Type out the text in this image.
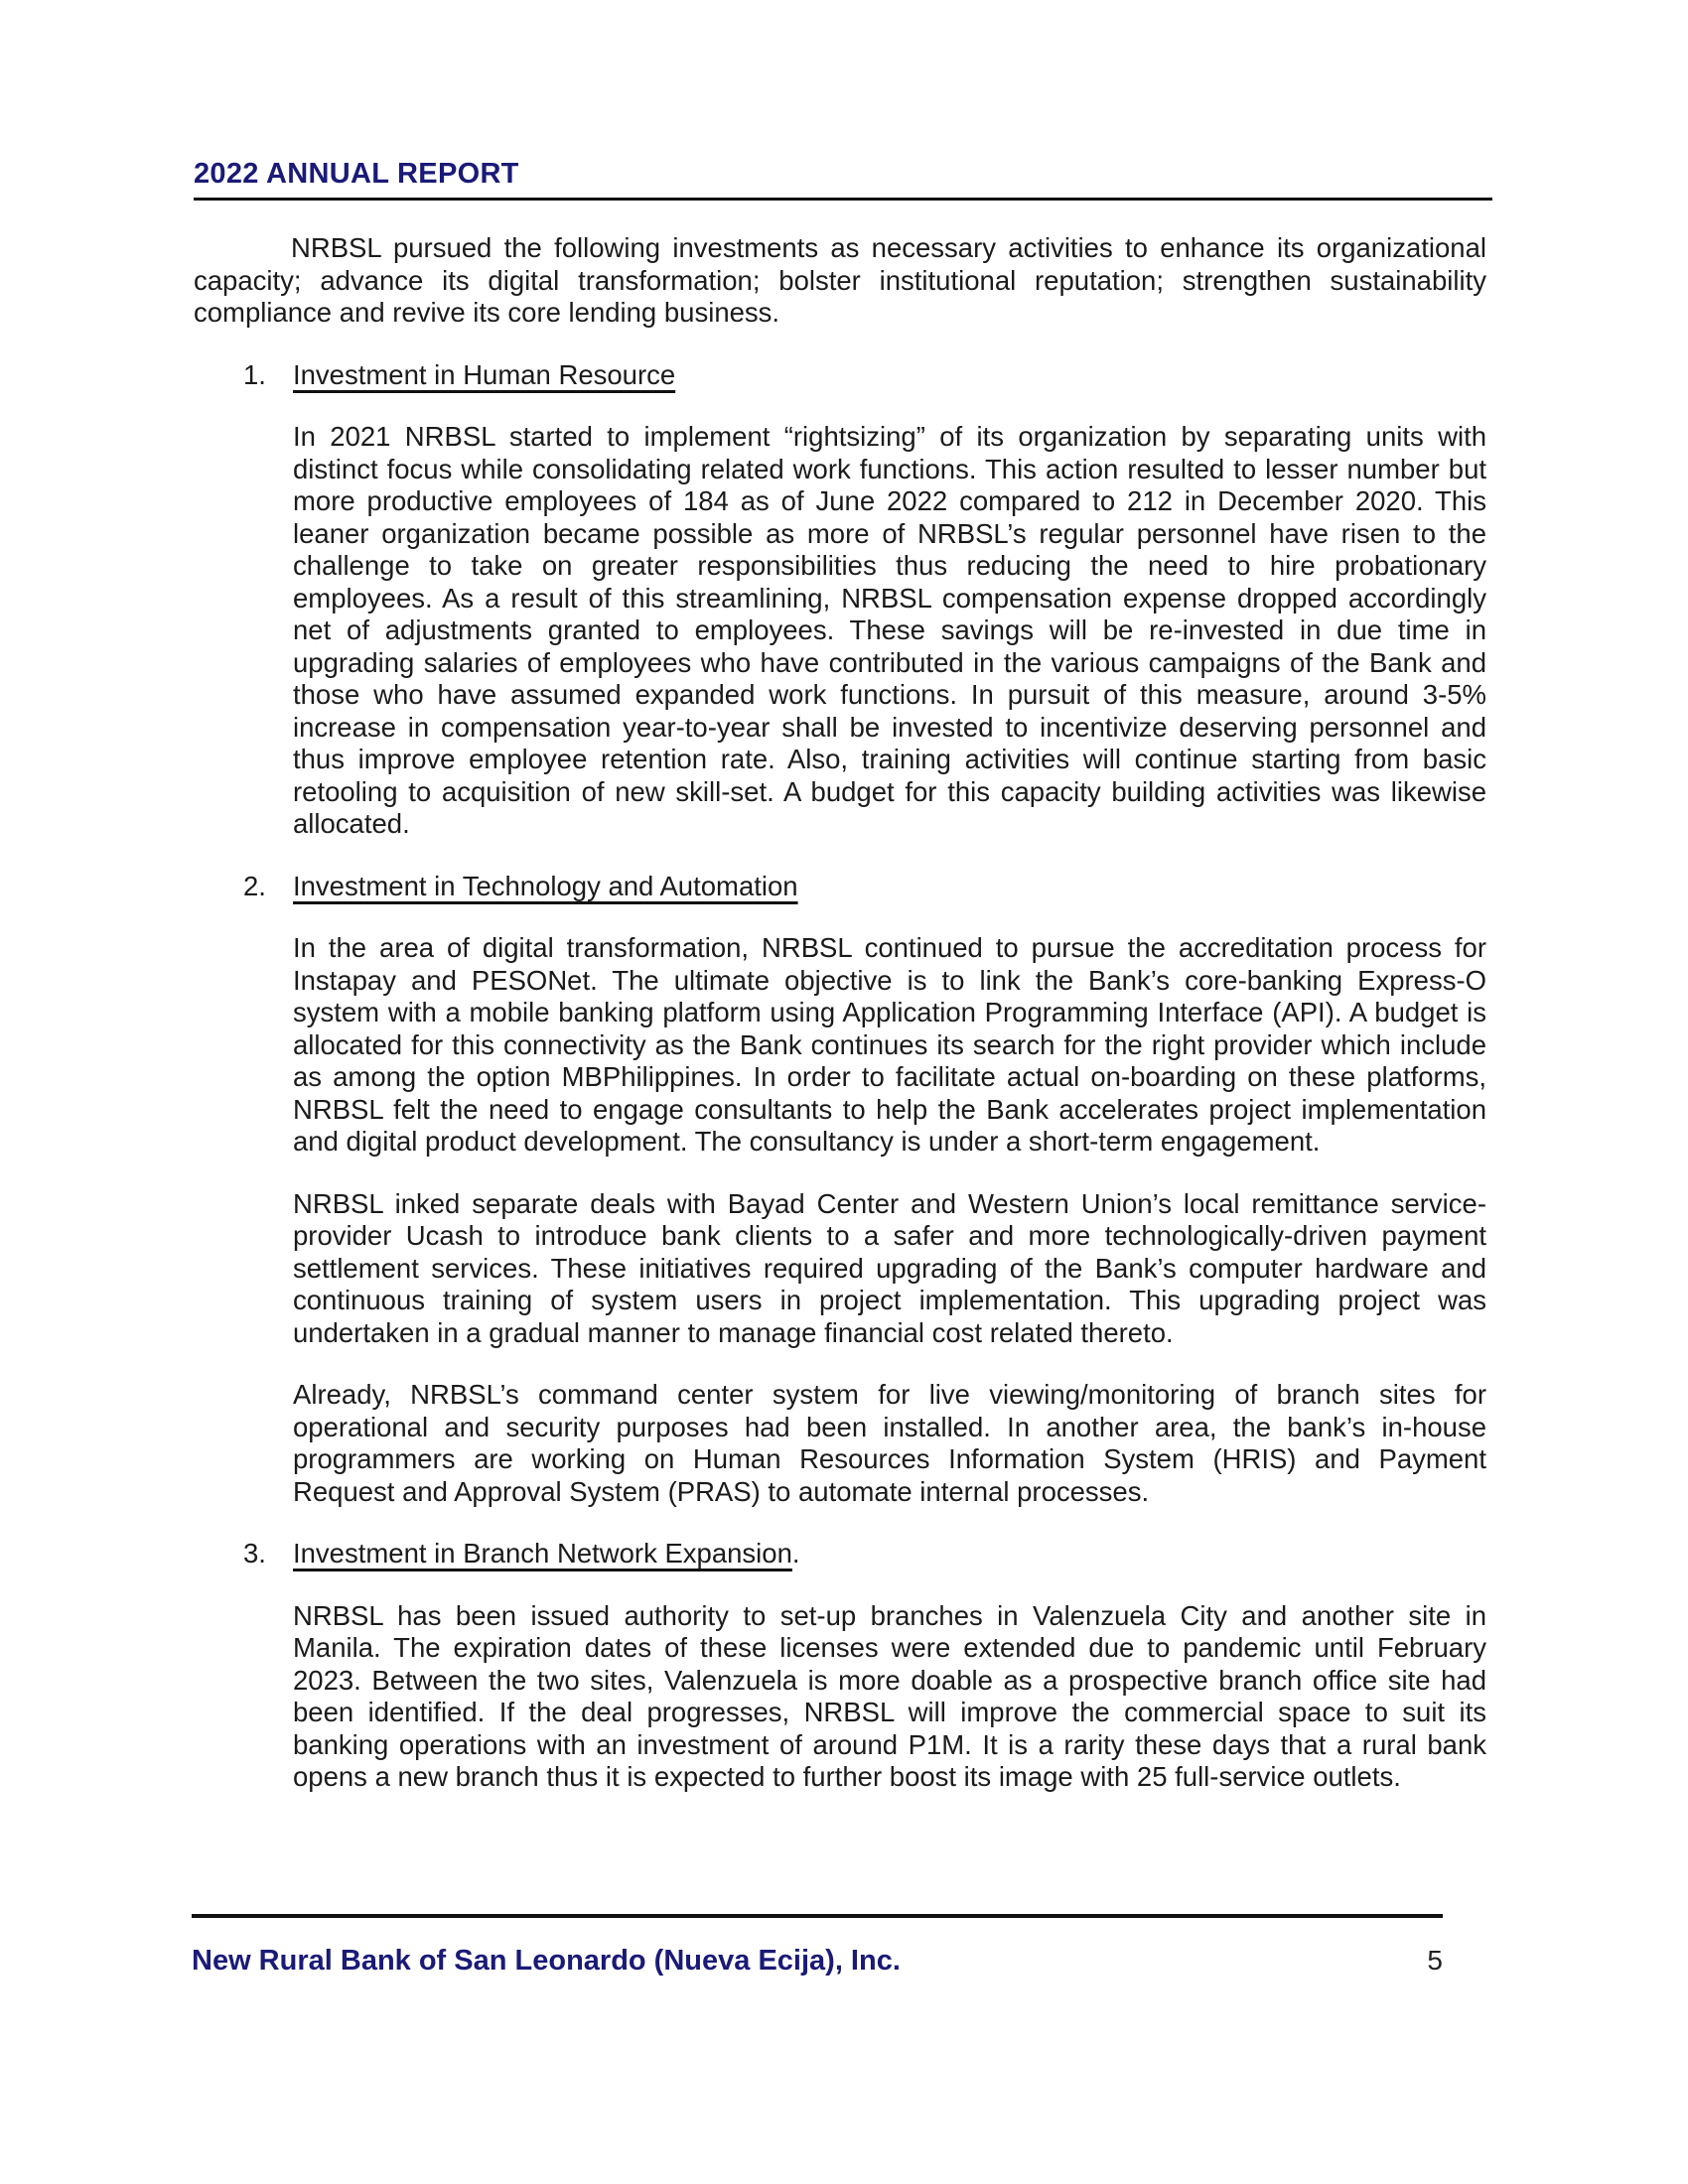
2022 ANNUAL REPORT

NRBSL pursued the following investments as necessary activities to enhance its organizational capacity; advance its digital transformation; bolster institutional reputation; strengthen sustainability compliance and revive its core lending business.

1. Investment in Human Resource

In 2021 NRBSL started to implement “rightsizing” of its organization by separating units with distinct focus while consolidating related work functions. This action resulted to lesser number but more productive employees of 184 as of June 2022 compared to 212 in December 2020. This leaner organization became possible as more of NRBSL’s regular personnel have risen to the challenge to take on greater responsibilities thus reducing the need to hire probationary employees. As a result of this streamlining, NRBSL compensation expense dropped accordingly net of adjustments granted to employees. These savings will be re-invested in due time in upgrading salaries of employees who have contributed in the various campaigns of the Bank and those who have assumed expanded work functions. In pursuit of this measure, around 3-5% increase in compensation year-to-year shall be invested to incentivize deserving personnel and thus improve employee retention rate. Also, training activities will continue starting from basic retooling to acquisition of new skill-set. A budget for this capacity building activities was likewise allocated.

2. Investment in Technology and Automation

In the area of digital transformation, NRBSL continued to pursue the accreditation process for Instapay and PESONet. The ultimate objective is to link the Bank’s core-banking Express-O system with a mobile banking platform using Application Programming Interface (API). A budget is allocated for this connectivity as the Bank continues its search for the right provider which include as among the option MBPhilippines. In order to facilitate actual on-boarding on these platforms, NRBSL felt the need to engage consultants to help the Bank accelerates project implementation and digital product development. The consultancy is under a short-term engagement.

NRBSL inked separate deals with Bayad Center and Western Union’s local remittance service-provider Ucash to introduce bank clients to a safer and more technologically-driven payment settlement services. These initiatives required upgrading of the Bank’s computer hardware and continuous training of system users in project implementation. This upgrading project was undertaken in a gradual manner to manage financial cost related thereto.

Already, NRBSL’s command center system for live viewing/monitoring of branch sites for operational and security purposes had been installed. In another area, the bank’s in-house programmers are working on Human Resources Information System (HRIS) and Payment Request and Approval System (PRAS) to automate internal processes.

3. Investment in Branch Network Expansion.

NRBSL has been issued authority to set-up branches in Valenzuela City and another site in Manila. The expiration dates of these licenses were extended due to pandemic until February 2023. Between the two sites, Valenzuela is more doable as a prospective branch office site had been identified. If the deal progresses, NRBSL will improve the commercial space to suit its banking operations with an investment of around P1M. It is a rarity these days that a rural bank opens a new branch thus it is expected to further boost its image with 25 full-service outlets.

New Rural Bank of San Leonardo (Nueva Ecija), Inc.	5
